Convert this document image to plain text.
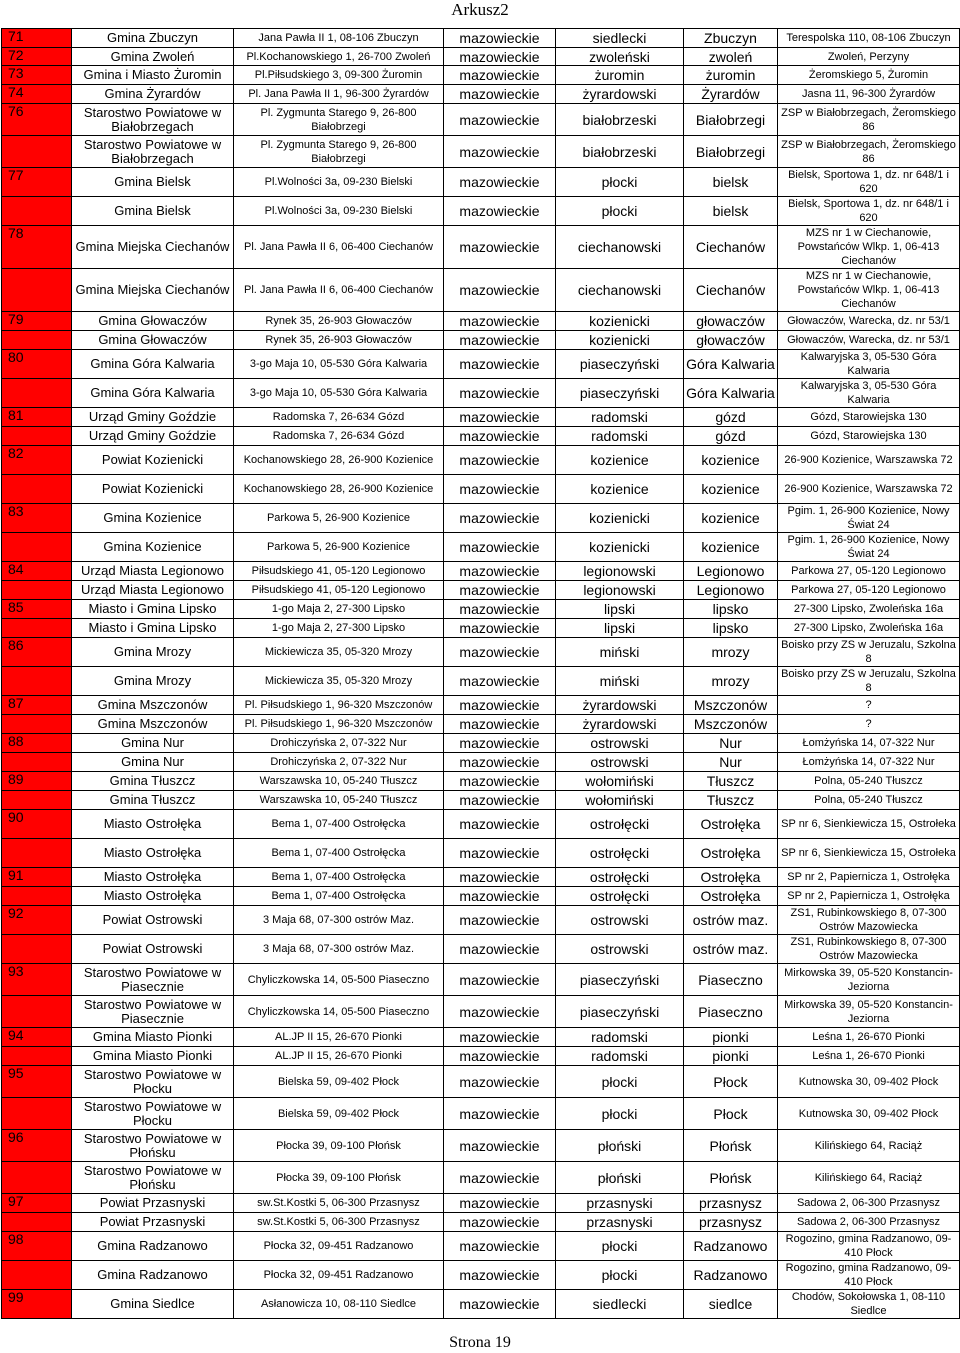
Arkusz2
71	Gmina Zbuczyn	Jana Pawła II 1, 08-106 Zbuczyn	mazowieckie	siedlecki	Zbuczyn	Terespolska 110, 08-106 Zbuczyn

72	Gmina Zwoleń	Pl.Kochanowskiego 1, 26-700 Zwoleń	mazowieckie	zwoleński	zwoleń	Zwoleń, Perzyny

73	Gmina i Miasto Żuromin	Pl.Piłsudskiego 3, 09-300 Żuromin	mazowieckie	żuromin	żuromin	Żeromskiego 5, Żuromin

74	Gmina Żyrardów	Pl. Jana Pawła II 1, 96-300 Żyrardów	mazowieckie	żyrardowski	Żyrardów	Jasna 11, 96-300 Żyrardów

76	Starostwo Powiatowe w Białobrzegach	Pl. Zygmunta Starego 9, 26-800 Białobrzegi	mazowieckie	białobrzeski	Białobrzegi	ZSP w Białobrzegach, Żeromskiego 86

	Starostwo Powiatowe w Białobrzegach	Pl. Zygmunta Starego 9, 26-800 Białobrzegi	mazowieckie	białobrzeski	Białobrzegi	ZSP w Białobrzegach, Żeromskiego 86

77	Gmina Bielsk	Pl.Wolności 3a, 09-230 Bielski	mazowieckie	płocki	bielsk	Bielsk, Sportowa 1, dz. nr 648/1 i 620

	Gmina Bielsk	Pl.Wolności 3a, 09-230 Bielski	mazowieckie	płocki	bielsk	Bielsk, Sportowa 1, dz. nr 648/1 i 620

78	Gmina Miejska Ciechanów	Pl. Jana Pawła II 6, 06-400 Ciechanów	mazowieckie	ciechanowski	Ciechanów	MZS nr 1 w Ciechanowie, Powstańców Wlkp. 1, 06-413 Ciechanów

	Gmina Miejska Ciechanów	Pl. Jana Pawła II 6, 06-400 Ciechanów	mazowieckie	ciechanowski	Ciechanów	MZS nr 1 w Ciechanowie, Powstańców Wlkp. 1, 06-413 Ciechanów

79	Gmina Głowaczów	Rynek 35, 26-903 Głowaczów	mazowieckie	kozienicki	głowaczów	Głowaczów, Warecka, dz. nr 53/1

	Gmina Głowaczów	Rynek 35, 26-903 Głowaczów	mazowieckie	kozienicki	głowaczów	Głowaczów, Warecka, dz. nr 53/1

80	Gmina Góra Kalwaria	3-go Maja 10, 05-530 Góra Kalwaria	mazowieckie	piaseczyński	Góra Kalwaria	Kalwaryjska 3, 05-530 Góra Kalwaria

	Gmina Góra Kalwaria	3-go Maja 10, 05-530 Góra Kalwaria	mazowieckie	piaseczyński	Góra Kalwaria	Kalwaryjska 3, 05-530 Góra Kalwaria

81	Urząd Gminy Goździe	Radomska 7, 26-634 Gózd	mazowieckie	radomski	gózd	Gózd, Starowiejska 130

	Urząd Gminy Goździe	Radomska 7, 26-634 Gózd	mazowieckie	radomski	gózd	Gózd, Starowiejska 130

82	Powiat Kozienicki	Kochanowskiego 28, 26-900 Kozienice	mazowieckie	kozienice	kozienice	26-900 Kozienice, Warszawska 72

	Powiat Kozienicki	Kochanowskiego 28, 26-900 Kozienice	mazowieckie	kozienice	kozienice	26-900 Kozienice, Warszawska 72

83	Gmina Kozienice	Parkowa 5, 26-900 Kozienice	mazowieckie	kozienicki	kozienice	Pgim. 1, 26-900 Kozienice, Nowy Świat 24

	Gmina Kozienice	Parkowa 5, 26-900 Kozienice	mazowieckie	kozienicki	kozienice	Pgim. 1, 26-900 Kozienice, Nowy Świat 24

84	Urząd Miasta Legionowo	Piłsudskiego 41, 05-120 Legionowo	mazowieckie	legionowski	Legionowo	Parkowa 27, 05-120 Legionowo

	Urząd Miasta Legionowo	Piłsudskiego 41, 05-120 Legionowo	mazowieckie	legionowski	Legionowo	Parkowa 27, 05-120 Legionowo

85	Miasto i Gmina Lipsko	1-go Maja 2, 27-300 Lipsko	mazowieckie	lipski	lipsko	27-300 Lipsko, Zwoleńska 16a

	Miasto i Gmina Lipsko	1-go Maja 2, 27-300 Lipsko	mazowieckie	lipski	lipsko	27-300 Lipsko, Zwoleńska 16a

86	Gmina Mrozy	Mickiewicza 35, 05-320 Mrozy	mazowieckie	miński	mrozy	Boisko przy ZS w Jeruzalu, Szkolna 8

	Gmina Mrozy	Mickiewicza 35, 05-320 Mrozy	mazowieckie	miński	mrozy	Boisko przy ZS w Jeruzalu, Szkolna 8

87	Gmina Mszczonów	Pl. Piłsudskiego 1, 96-320 Mszczonów	mazowieckie	żyrardowski	Mszczonów	?

	Gmina Mszczonów	Pl. Piłsudskiego 1, 96-320 Mszczonów	mazowieckie	żyrardowski	Mszczonów	?

88	Gmina Nur	Drohiczyńska 2, 07-322 Nur	mazowieckie	ostrowski	Nur	Łomżyńska 14, 07-322 Nur

	Gmina Nur	Drohiczyńska 2, 07-322 Nur	mazowieckie	ostrowski	Nur	Łomżyńska 14, 07-322 Nur

89	Gmina Tłuszcz	Warszawska 10, 05-240 Tłuszcz	mazowieckie	wołomiński	Tłuszcz	Polna, 05-240 Tłuszcz

	Gmina Tłuszcz	Warszawska 10, 05-240 Tłuszcz	mazowieckie	wołomiński	Tłuszcz	Polna, 05-240 Tłuszcz

90	Miasto Ostrołęka	Bema 1, 07-400 Ostrołęcka	mazowieckie	ostrołęcki	Ostrołęka	SP nr 6, Sienkiewicza 15, Ostrołeka

	Miasto Ostrołęka	Bema 1, 07-400 Ostrołęcka	mazowieckie	ostrołęcki	Ostrołęka	SP nr 6, Sienkiewicza 15, Ostrołeka

91	Miasto Ostrołęka	Bema 1, 07-400 Ostrołęcka	mazowieckie	ostrołęcki	Ostrołęka	SP nr 2, Papiernicza 1, Ostrołęka

	Miasto Ostrołęka	Bema 1, 07-400 Ostrołęcka	mazowieckie	ostrołęcki	Ostrołęka	SP nr 2, Papiernicza 1, Ostrołęka

92	Powiat Ostrowski	3 Maja 68, 07-300 ostrów Maz.	mazowieckie	ostrowski	ostrów maz.	ZS1, Rubinkowskiego 8, 07-300 Ostrów Mazowiecka

	Powiat Ostrowski	3 Maja 68, 07-300 ostrów Maz.	mazowieckie	ostrowski	ostrów maz.	ZS1, Rubinkowskiego 8, 07-300 Ostrów Mazowiecka

93	Starostwo Powiatowe w Piasecznie	Chyliczkowska 14, 05-500 Piaseczno	mazowieckie	piaseczyński	Piaseczno	Mirkowska 39, 05-520 Konstancin-Jeziorna

	Starostwo Powiatowe w Piasecznie	Chyliczkowska 14, 05-500 Piaseczno	mazowieckie	piaseczyński	Piaseczno	Mirkowska 39, 05-520 Konstancin-Jeziorna

94	Gmina Miasto Pionki	AL.JP II 15, 26-670 Pionki	mazowieckie	radomski	pionki	Leśna 1, 26-670 Pionki

	Gmina Miasto Pionki	AL.JP II 15, 26-670 Pionki	mazowieckie	radomski	pionki	Leśna 1, 26-670 Pionki

95	Starostwo Powiatowe w Płocku	Bielska 59, 09-402 Płock	mazowieckie	płocki	Płock	Kutnowska 30, 09-402 Płock

	Starostwo Powiatowe w Płocku	Bielska 59, 09-402 Płock	mazowieckie	płocki	Płock	Kutnowska 30, 09-402 Płock

96	Starostwo Powiatowe w Płońsku	Płocka 39, 09-100 Płońsk	mazowieckie	płoński	Płońsk	Kilińskiego 64, Raciąż

	Starostwo Powiatowe w Płońsku	Płocka 39, 09-100 Płońsk	mazowieckie	płoński	Płońsk	Kilińskiego 64, Raciąż

97	Powiat Przasnyski	sw.St.Kostki 5, 06-300 Przasnysz	mazowieckie	przasnyski	przasnysz	Sadowa 2, 06-300 Przasnysz

	Powiat Przasnyski	sw.St.Kostki 5, 06-300 Przasnysz	mazowieckie	przasnyski	przasnysz	Sadowa 2, 06-300 Przasnysz

98	Gmina Radzanowo	Płocka 32, 09-451 Radzanowo	mazowieckie	płocki	Radzanowo	Rogozino, gmina Radzanowo, 09-410 Płock

	Gmina Radzanowo	Płocka 32, 09-451 Radzanowo	mazowieckie	płocki	Radzanowo	Rogozino, gmina Radzanowo, 09-410 Płock

99	Gmina Siedlce	Asłanowicza 10, 08-110 Siedlce	mazowieckie	siedlecki	siedlce	Chodów, Sokołowska 1, 08-110 Siedlce
Strona 19
